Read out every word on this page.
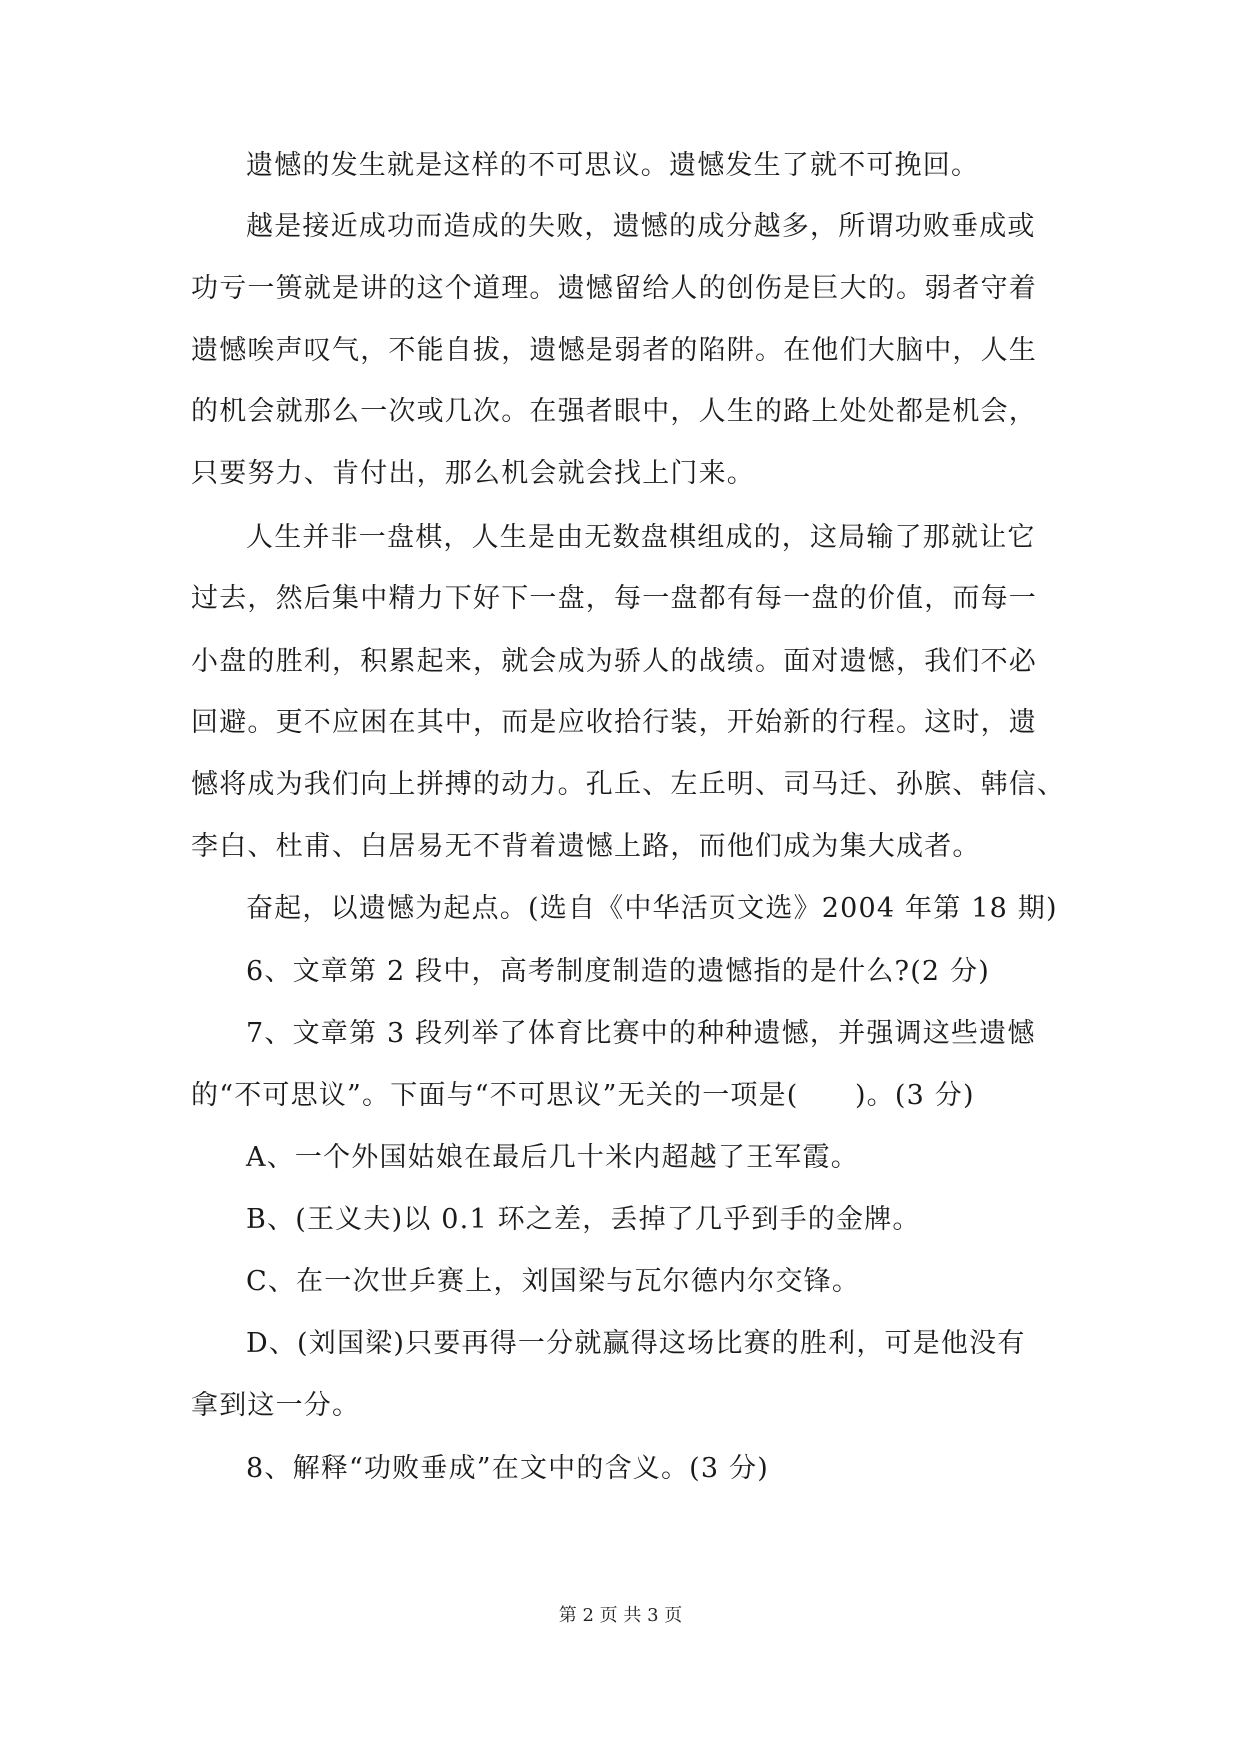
遗憾的发生就是这样的不可思议。遗憾发生了就不可挽回。
越是接近成功而造成的失败，遗憾的成分越多，所谓功败垂成或
功亏一篑就是讲的这个道理。遗憾留给人的创伤是巨大的。弱者守着
遗憾唉声叹气，不能自拔，遗憾是弱者的陷阱。在他们大脑中，人生
的机会就那么一次或几次。在强者眼中，人生的路上处处都是机会，
只要努力、肯付出，那么机会就会找上门来。
人生并非一盘棋，人生是由无数盘棋组成的，这局输了那就让它
过去，然后集中精力下好下一盘，每一盘都有每一盘的价值，而每一
小盘的胜利，积累起来，就会成为骄人的战绩。面对遗憾，我们不必
回避。更不应困在其中，而是应收拾行装，开始新的行程。这时，遗
憾将成为我们向上拼搏的动力。孔丘、左丘明、司马迁、孙膑、韩信、
李白、杜甫、白居易无不背着遗憾上路，而他们成为集大成者。
奋起，以遗憾为起点。(选自《中华活页文选》2004 年第 18 期)
6、文章第 2 段中，高考制度制造的遗憾指的是什么?(2 分)
7、文章第 3 段列举了体育比赛中的种种遗憾，并强调这些遗憾
的“不可思议”。下面与“不可思议”无关的一项是(　　)。(3 分)
A、一个外国姑娘在最后几十米内超越了王军霞。
B、(王义夫)以 0.1 环之差，丢掉了几乎到手的金牌。
C、在一次世乒赛上，刘国梁与瓦尔德内尔交锋。
D、(刘国梁)只要再得一分就赢得这场比赛的胜利，可是他没有
拿到这一分。
8、解释“功败垂成”在文中的含义。(3 分)
第 2 页 共 3 页
